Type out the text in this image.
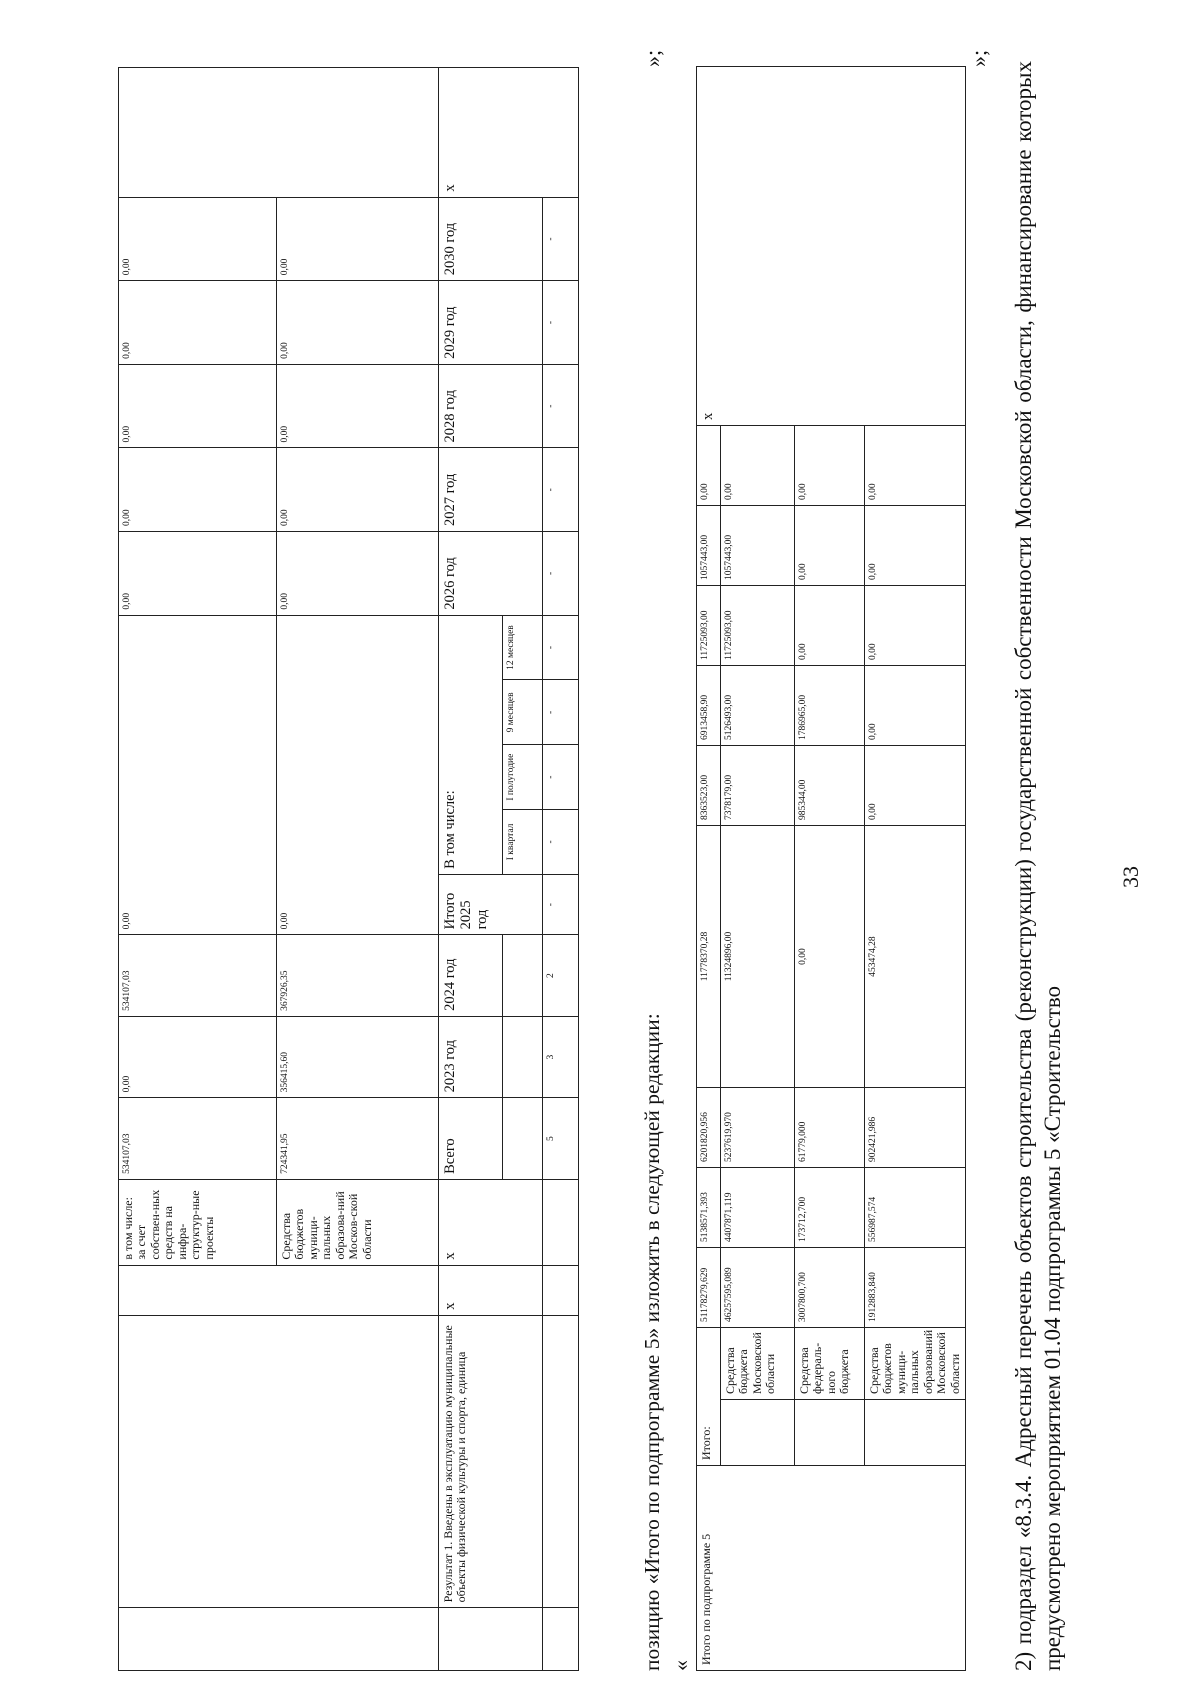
33
			в том числе: за счет собствен-ных средств на инфра-структур-ные проекты	534107,03	0,00	534107,03	0,00					0,00	0,00	0,00	0,00	0,00	
			Средства бюджетов муници-пальных образова-ний Москов-ской области	724341,95	356415,60	367926,35	0,00					0,00	0,00	0,00	0,00	0,00	
	Результат 1. Введены в эксплуатацию муниципальные объекты физической культуры и спорта, единица	х	х	Всего	2023 год	2024 год	Итого 2025 год	В том числе:				2026 год	2027 год	2028 год	2029 год	2030 год	х
								I квартал	I полугодие	9 месяцев	12 месяцев						
				5	3	2	-	-	-	-	-	-	-	-	-	-	
»;
позицию «Итого по подпрограмме 5» изложить в следующей редакции: «
Итого по подпрограмме 5	Итого:		51178279,629	5138571,393	6201820,956	11778370,28	8363523,00	6913458,90	11725093,00	1057443,00	0,00	х
		Средства бюджета Московской области	46257595,089	4407871,119	5237619,970	11324896,00	7378179,00	5126493,00	11725093,00	1057443,00	0,00	
		Средства федераль-ного бюджета	3007800,700	173712,700	61779,000	0,00	985344,00	1786965,00	0,00	0,00	0,00	
		Средства бюджетов муници-пальных образований Московской области	1912883,840	556987,574	902421,986	453474,28	0,00	0,00	0,00	0,00	0,00	
»;
2) подраздел «8.3.4. Адресный перечень объектов строительства (реконструкции) государственной собственности Московской области, финансирование которых предусмотрено мероприятием 01.04 подпрограммы 5 «Строительство
